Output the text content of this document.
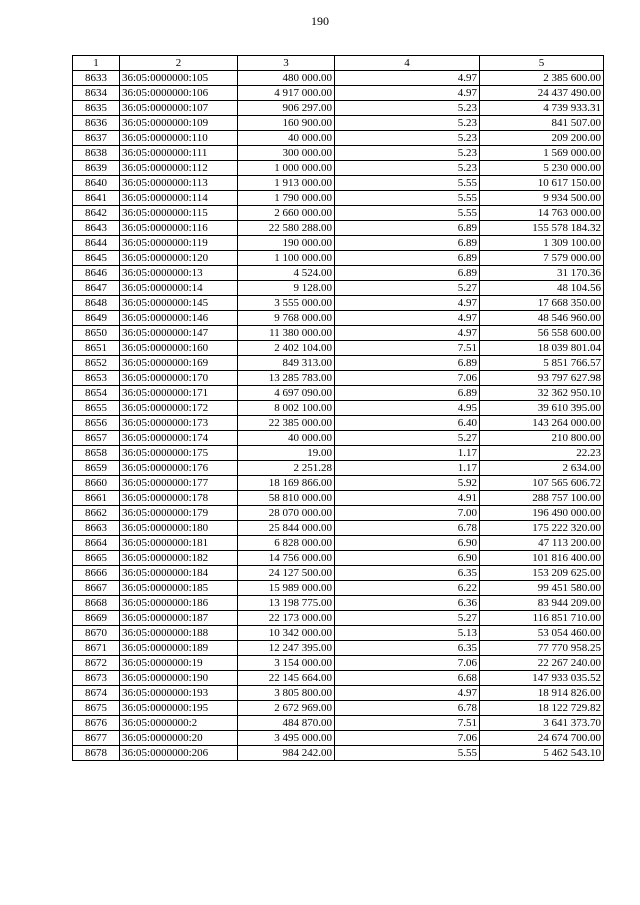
190
1	2	3	4	5
8633	36:05:0000000:105	480 000.00	4.97	2 385 600.00
8634	36:05:0000000:106	4 917 000.00	4.97	24 437 490.00
8635	36:05:0000000:107	906 297.00	5.23	4 739 933.31
8636	36:05:0000000:109	160 900.00	5.23	841 507.00
8637	36:05:0000000:110	40 000.00	5.23	209 200.00
8638	36:05:0000000:111	300 000.00	5.23	1 569 000.00
8639	36:05:0000000:112	1 000 000.00	5.23	5 230 000.00
8640	36:05:0000000:113	1 913 000.00	5.55	10 617 150.00
8641	36:05:0000000:114	1 790 000.00	5.55	9 934 500.00
8642	36:05:0000000:115	2 660 000.00	5.55	14 763 000.00
8643	36:05:0000000:116	22 580 288.00	6.89	155 578 184.32
8644	36:05:0000000:119	190 000.00	6.89	1 309 100.00
8645	36:05:0000000:120	1 100 000.00	6.89	7 579 000.00
8646	36:05:0000000:13	4 524.00	6.89	31 170.36
8647	36:05:0000000:14	9 128.00	5.27	48 104.56
8648	36:05:0000000:145	3 555 000.00	4.97	17 668 350.00
8649	36:05:0000000:146	9 768 000.00	4.97	48 546 960.00
8650	36:05:0000000:147	11 380 000.00	4.97	56 558 600.00
8651	36:05:0000000:160	2 402 104.00	7.51	18 039 801.04
8652	36:05:0000000:169	849 313.00	6.89	5 851 766.57
8653	36:05:0000000:170	13 285 783.00	7.06	93 797 627.98
8654	36:05:0000000:171	4 697 090.00	6.89	32 362 950.10
8655	36:05:0000000:172	8 002 100.00	4.95	39 610 395.00
8656	36:05:0000000:173	22 385 000.00	6.40	143 264 000.00
8657	36:05:0000000:174	40 000.00	5.27	210 800.00
8658	36:05:0000000:175	19.00	1.17	22.23
8659	36:05:0000000:176	2 251.28	1.17	2 634.00
8660	36:05:0000000:177	18 169 866.00	5.92	107 565 606.72
8661	36:05:0000000:178	58 810 000.00	4.91	288 757 100.00
8662	36:05:0000000:179	28 070 000.00	7.00	196 490 000.00
8663	36:05:0000000:180	25 844 000.00	6.78	175 222 320.00
8664	36:05:0000000:181	6 828 000.00	6.90	47 113 200.00
8665	36:05:0000000:182	14 756 000.00	6.90	101 816 400.00
8666	36:05:0000000:184	24 127 500.00	6.35	153 209 625.00
8667	36:05:0000000:185	15 989 000.00	6.22	99 451 580.00
8668	36:05:0000000:186	13 198 775.00	6.36	83 944 209.00
8669	36:05:0000000:187	22 173 000.00	5.27	116 851 710.00
8670	36:05:0000000:188	10 342 000.00	5.13	53 054 460.00
8671	36:05:0000000:189	12 247 395.00	6.35	77 770 958.25
8672	36:05:0000000:19	3 154 000.00	7.06	22 267 240.00
8673	36:05:0000000:190	22 145 664.00	6.68	147 933 035.52
8674	36:05:0000000:193	3 805 800.00	4.97	18 914 826.00
8675	36:05:0000000:195	2 672 969.00	6.78	18 122 729.82
8676	36:05:0000000:2	484 870.00	7.51	3 641 373.70
8677	36:05:0000000:20	3 495 000.00	7.06	24 674 700.00
8678	36:05:0000000:206	984 242.00	5.55	5 462 543.10
